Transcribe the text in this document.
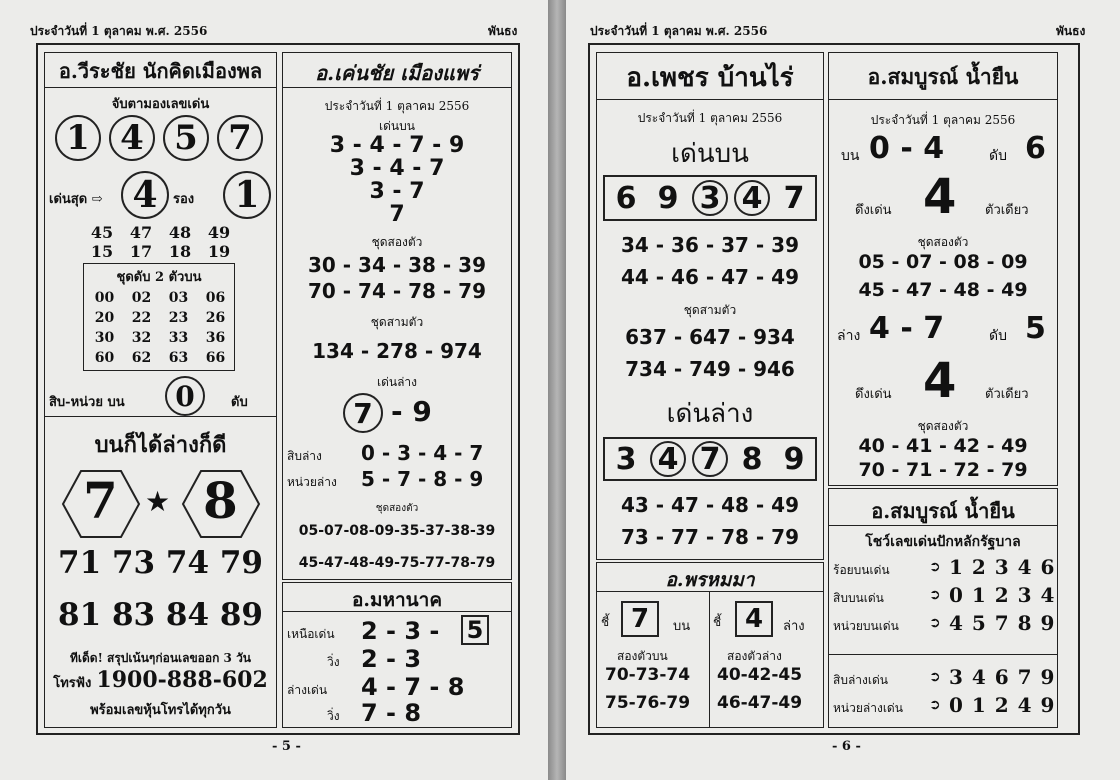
ประจำวันที่ 1 ตุลาคม พ.ศ. 2556	พันธง
อ.วีระชัย นักคิดเมืองพล
จับตามองเลขเด่น
1 4 5 7
เด่นสุด ⇨ 4	รอง	1
45   47   48   49
15   17   18   19
ชุดดับ 2 ตัวบน
00	02	03	06
20	22	23	26
30	32	33	36
60	62	63	66
สิบ-หน่วย บน	0	ดับ
บนก็ได้ล่างก็ดี
7 ★ 8
71 73 74 79
81 83 84 89
ทีเด็ด! สรุปเน้นๆก่อนเลขออก 3 วัน
โทรฟัง 1900-888-602
พร้อมเลขหุ้นโทรได้ทุกวัน
อ.เค่นชัย เมืองแพร่
ประจำวันที่ 1 ตุลาคม 2556
เด่นบน
3 - 4 - 7 - 9
3 - 4 - 7
3 - 7
7
ชุดสองตัว
30 - 34 - 38 - 39
70 - 74 - 78 - 79
ชุดสามตัว
134 - 278 - 974
เด่นล่าง
7 - 9
สิบล่าง 0 - 3 - 4 - 7
หน่วยล่าง 5 - 7 - 8 - 9
ชุดสองตัว
05-07-08-09-35-37-38-39
45-47-48-49-75-77-78-79
อ.มหานาค
เหนือเด่น 2 - 3 - 5
วิ่ง 2 - 3
ล่างเด่น 4 - 7 - 8
วิ่ง 7 - 8
- 5 -
ประจำวันที่ 1 ตุลาคม พ.ศ. 2556	พันธง
อ.เพชร บ้านไร่
ประจำวันที่ 1 ตุลาคม 2556
เด่นบน
6 9 3 4 7
34 - 36 - 37 - 39
44 - 46 - 47 - 49
ชุดสามตัว
637 - 647 - 934
734 - 749 - 946
เด่นล่าง
3 4 7 8 9
43 - 47 - 48 - 49
73 - 77 - 78 - 79
อ.พรหมมา
ชี้ 7	บน ชี้ 4	ล่าง
สองตัวบน
70-73-74
75-76-79
สองตัวล่าง
40-42-45
46-47-49
อ.สมบูรณ์ น้ำยืน
ประจำวันที่ 1 ตุลาคม 2556
บน 0 - 4	ดับ 6
ดึงเด่น 4 ตัวเดียว
ชุดสองตัว
05 - 07 - 08 - 09
45 - 47 - 48 - 49
ล่าง 4 - 7	ดับ 5
ดึงเด่น 4 ตัวเดียว
ชุดสองตัว
40 - 41 - 42 - 49
70 - 71 - 72 - 79
อ.สมบูรณ์ น้ำยืน
โชว์เลขเด่นปักหลักรัฐบาล
ร้อยบนเด่น	➲ 1 2 3 4 6
สิบบนเด่น	➲ 0 1 2 3 4
หน่วยบนเด่น ➲ 4 5 7 8 9
สิบล่างเด่น	➲ 3 4 6 7 9
หน่วยล่างเด่น ➲ 0 1 2 4 9
- 6 -
